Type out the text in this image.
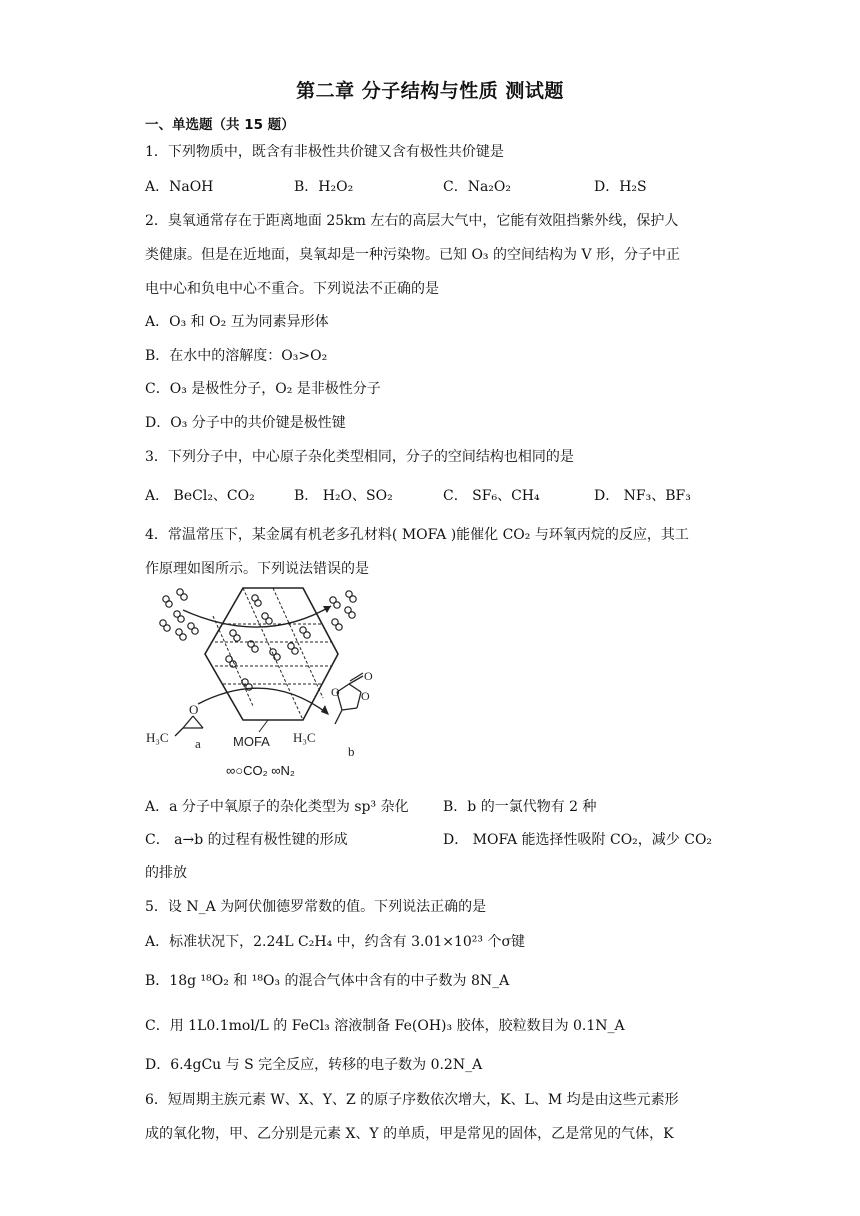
第二章 分子结构与性质 测试题
一、单选题（共 15 题）
1．下列物质中，既含有非极性共价键又含有极性共价键是
A．NaOH	B．H₂O₂	C．Na₂O₂	D．H₂S
2．臭氧通常存在于距离地面 25km 左右的高层大气中，它能有效阻挡紫外线，保护人
类健康。但是在近地面，臭氧却是一种污染物。已知 O₃ 的空间结构为 V 形，分子中正
电中心和负电中心不重合。下列说法不正确的是
A．O₃ 和 O₂ 互为同素异形体
B．在水中的溶解度：O₃>O₂
C．O₃ 是极性分子，O₂ 是非极性分子
D．O₃ 分子中的共价键是极性键
3．下列分子中，中心原子杂化类型相同，分子的空间结构也相同的是
A． BeCl₂、CO₂	B． H₂O、SO₂	C． SF₆、CH₄	D． NF₃、BF₃
4．常温常压下，某金属有机老多孔材料( MOFA )能催化 CO₂ 与环氧丙烷的反应，其工
作原理如图所示。下列说法错误的是
O
H₃C a MOFA
O O
O
H₃C
b
∞○CO₂ ∞N₂
A．a 分子中氧原子的杂化类型为 sp³ 杂化 B．b 的一氯代物有 2 种
C． a→b 的过程有极性键的形成	D． MOFA 能选择性吸附 CO₂，减少 CO₂
的排放
5．设 N_A 为阿伏伽德罗常数的值。下列说法正确的是
A．标准状况下，2.24L C₂H₄ 中，约含有 3.01×10²³ 个σ键
B．18g ¹⁸O₂ 和 ¹⁸O₃ 的混合气体中含有的中子数为 8N_A
C．用 1L0.1mol/L 的 FeCl₃ 溶液制备 Fe(OH)₃ 胶体，胶粒数目为 0.1N_A
D．6.4gCu 与 S 完全反应，转移的电子数为 0.2N_A
6．短周期主族元素 W、X、Y、Z 的原子序数依次增大，K、L、M 均是由这些元素形
成的氧化物，甲、乙分别是元素 X、Y 的单质，甲是常见的固体，乙是常见的气体，K
